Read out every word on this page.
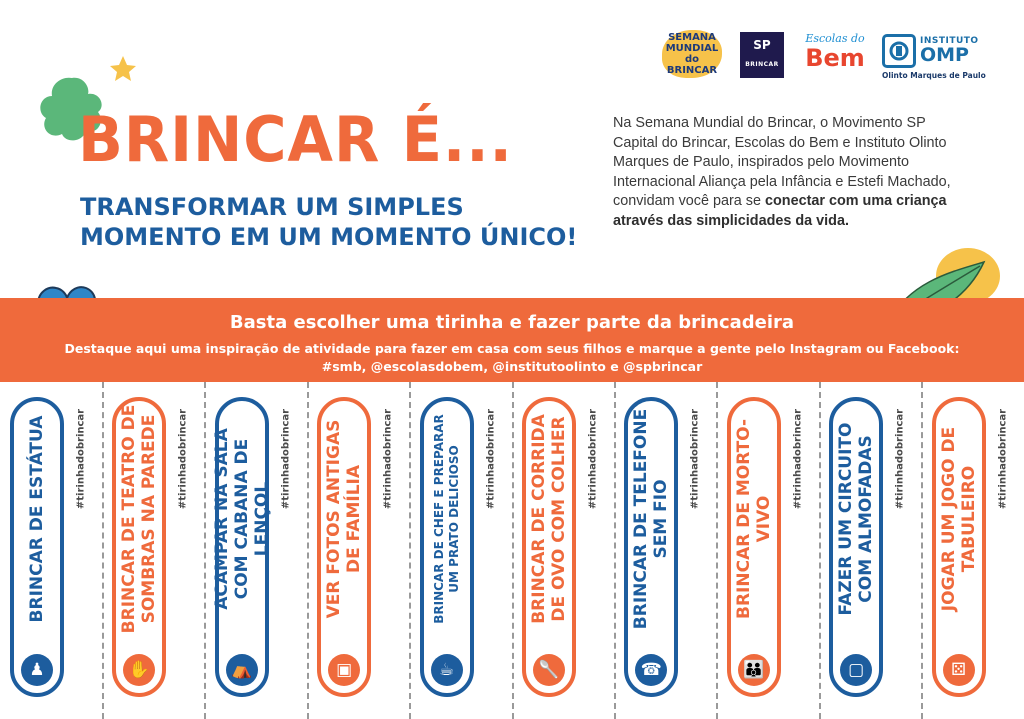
SEMANA MUNDIAL do BRINCAR
SP
BRINCAR
Escolas do
Bem
INSTITUTO
OMP
Olinto Marques de Paulo
BRINCAR É...
TRANSFORMAR UM SIMPLES
MOMENTO EM UM MOMENTO ÚNICO!
Na Semana Mundial do Brincar, o Movimento SP Capital do Brincar, Escolas do Bem e Instituto Olinto Marques de Paulo, inspirados pelo Movimento Internacional Aliança pela Infância e Estefi Machado, convidam você para se conectar com uma criança através das simplicidades da vida.
Basta escolher uma tirinha e fazer parte da brincadeira
Destaque aqui uma inspiração de atividade para fazer em casa com seus filhos e marque a gente pelo Instagram ou Facebook:
#smb, @escolasdobem, @institutoolinto e @spbrincar
BRINCAR DE ESTÁTUA
♟
#tirinhadobrincar BRINCAR DE TEATRO DE SOMBRAS NA PAREDE
✋
#tirinhadobrincar ACAMPAR NA SALA COM CABANA DE LENÇOL
⛺
#tirinhadobrincar VER FOTOS ANTIGAS DE FAMÍLIA
▣
#tirinhadobrincar	BRINCAR DE CHEF E PREPARAR UM PRATO DELICIOSO
☕
#tirinhadobrincar BRINCAR DE CORRIDA DE OVO COM COLHER
🥄
#tirinhadobrincar BRINCAR DE TELEFONE SEM FIO
☎
#tirinhadobrincar BRINCAR DE MORTO-VIVO
👪
#tirinhadobrincar FAZER UM CIRCUITO COM ALMOFADAS
▢
#tirinhadobrincar JOGAR UM JOGO DE TABULEIRO
⚄
#tirinhadobrincar
